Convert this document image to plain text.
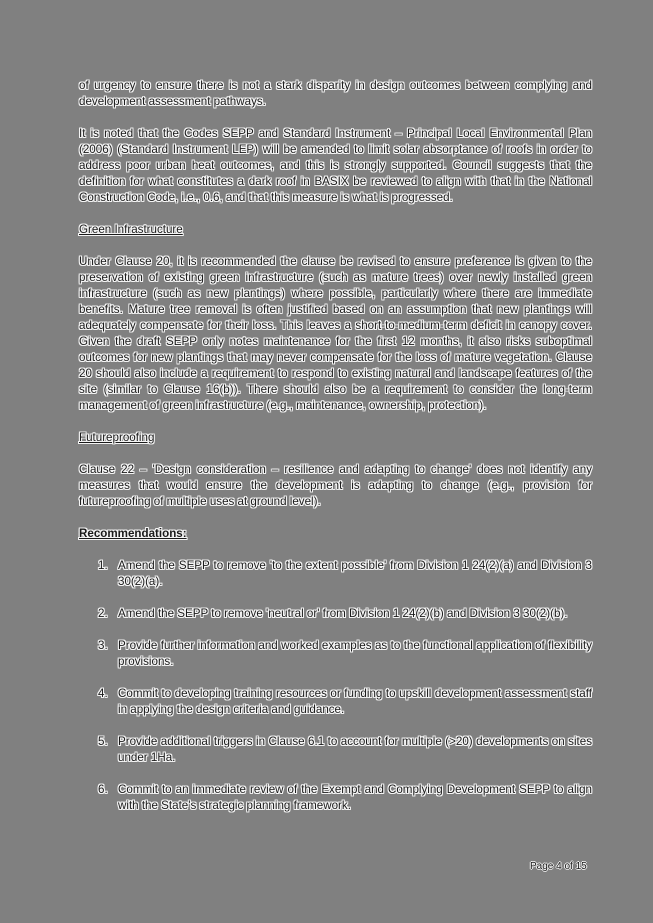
of urgency to ensure there is not a stark disparity in design outcomes between complying and development assessment pathways.

It is noted that the Codes SEPP and Standard Instrument – Principal Local Environmental Plan (2006) (Standard Instrument LEP) will be amended to limit solar absorptance of roofs in order to address poor urban heat outcomes, and this is strongly supported. Council suggests that the definition for what constitutes a dark roof in BASIX be reviewed to align with that in the National Construction Code, i.e., 0.6, and that this measure is what is progressed.

Green Infrastructure

Under Clause 20, it is recommended the clause be revised to ensure preference is given to the preservation of existing green infrastructure (such as mature trees) over newly installed green infrastructure (such as new plantings) where possible, particularly where there are immediate benefits. Mature tree removal is often justified based on an assumption that new plantings will adequately compensate for their loss. This leaves a short-to-medium-term deficit in canopy cover. Given the draft SEPP only notes maintenance for the first 12 months, it also risks suboptimal outcomes for new plantings that may never compensate for the loss of mature vegetation. Clause 20 should also include a requirement to respond to existing natural and landscape features of the site (similar to Clause 16(b)). There should also be a requirement to consider the long-term management of green infrastructure (e.g., maintenance, ownership, protection).

Futureproofing

Clause 22 – 'Design consideration – resilience and adapting to change' does not identify any measures that would ensure the development is adapting to change (e.g., provision for futureproofing of multiple uses at ground level).

Recommendations:
1. Amend the SEPP to remove 'to the extent possible' from Division 1 24(2)(a) and Division 3 30(2)(a).
2. Amend the SEPP to remove 'neutral or' from Division 1 24(2)(b) and Division 3 30(2)(b).
3. Provide further information and worked examples as to the functional application of flexibility provisions.
4. Commit to developing training resources or funding to upskill development assessment staff in applying the design criteria and guidance.
5. Provide additional triggers in Clause 6.1 to account for multiple (>20) developments on sites under 1Ha.
6. Commit to an immediate review of the Exempt and Complying Development SEPP to align with the State's strategic planning framework.
Page 4 of 15
